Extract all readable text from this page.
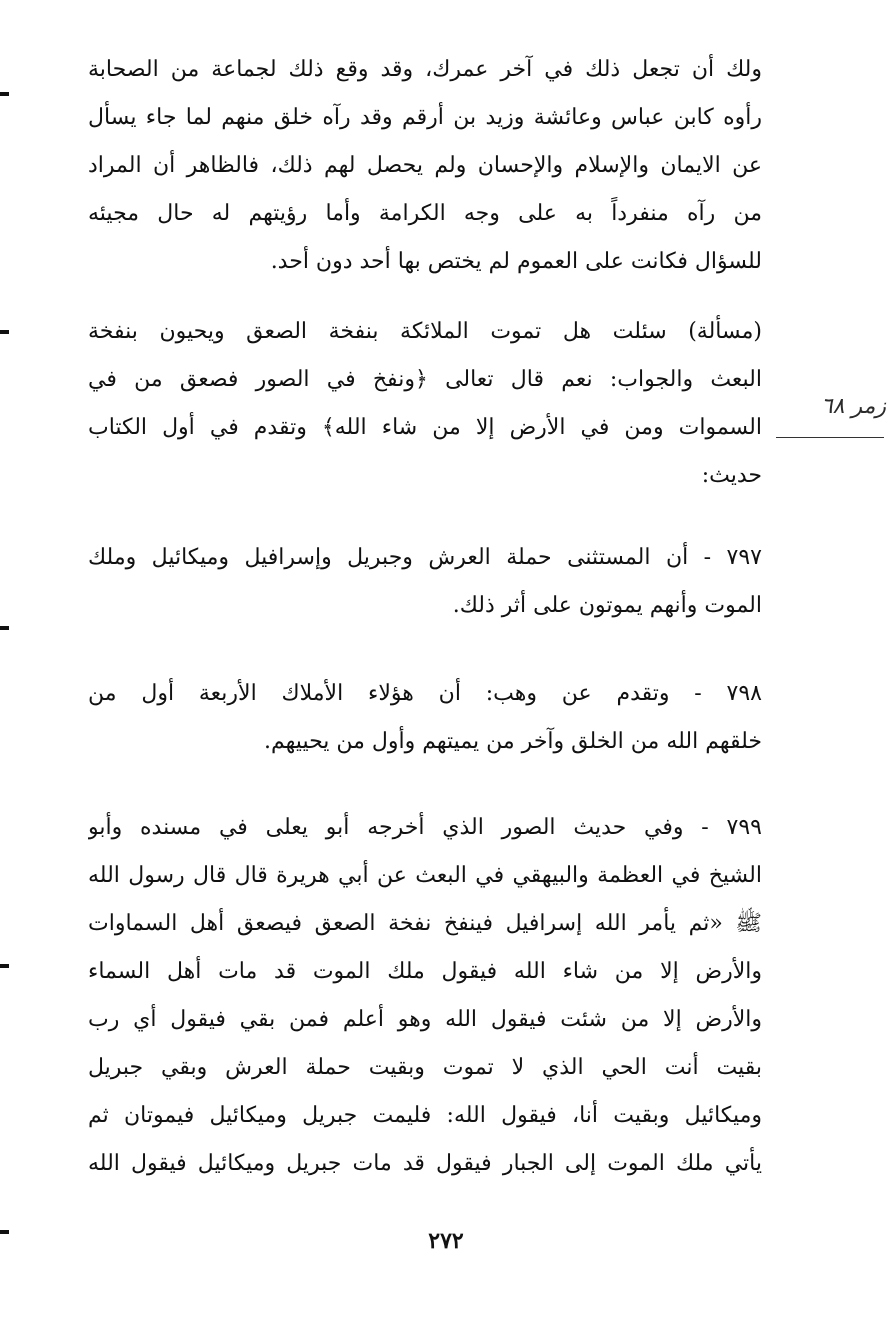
ولك أن تجعل ذلك في آخر عمرك، وقد وقع ذلك لجماعة من الصحابة
رأوه كابن عباس وعائشة وزيد بن أرقم وقد رآه خلق منهم لما جاء يسأل
عن الايمان والإسلام والإحسان ولم يحصل لهم ذلك، فالظاهر أن المراد
من رآه منفرداً به على وجه الكرامة وأما رؤيتهم له حال مجيئه
للسؤال فكانت على العموم لم يختص بها أحد دون أحد.
(مسألة) سئلت هل تموت الملائكة بنفخة الصعق ويحيون بنفخة
البعث والجواب: نعم قال تعالى ﴿ونفخ في الصور فصعق من في
السموات ومن في الأرض إلا من شاء الله﴾ وتقدم في أول الكتاب
حديث:
زمر ٦٨
٧٩٧ - أن المستثنى حملة العرش وجبريل وإسرافيل وميكائيل وملك
الموت وأنهم يموتون على أثر ذلك.
٧٩٨ - وتقدم عن وهب: أن هؤلاء الأملاك الأربعة أول من
خلقهم الله من الخلق وآخر من يميتهم وأول من يحييهم.
٧٩٩ - وفي حديث الصور الذي أخرجه أبو يعلى في مسنده وأبو
الشيخ في العظمة والبيهقي في البعث عن أبي هريرة قال قال رسول الله
ﷺ «ثم يأمر الله إسرافيل فينفخ نفخة الصعق فيصعق أهل السماوات
والأرض إلا من شاء الله فيقول ملك الموت قد مات أهل السماء
والأرض إلا من شئت فيقول الله وهو أعلم فمن بقي فيقول أي رب
بقيت أنت الحي الذي لا تموت وبقيت حملة العرش وبقي جبريل
وميكائيل وبقيت أنا، فيقول الله: فليمت جبريل وميكائيل فيموتان ثم
يأتي ملك الموت إلى الجبار فيقول قد مات جبريل وميكائيل فيقول الله
٢٧٢
